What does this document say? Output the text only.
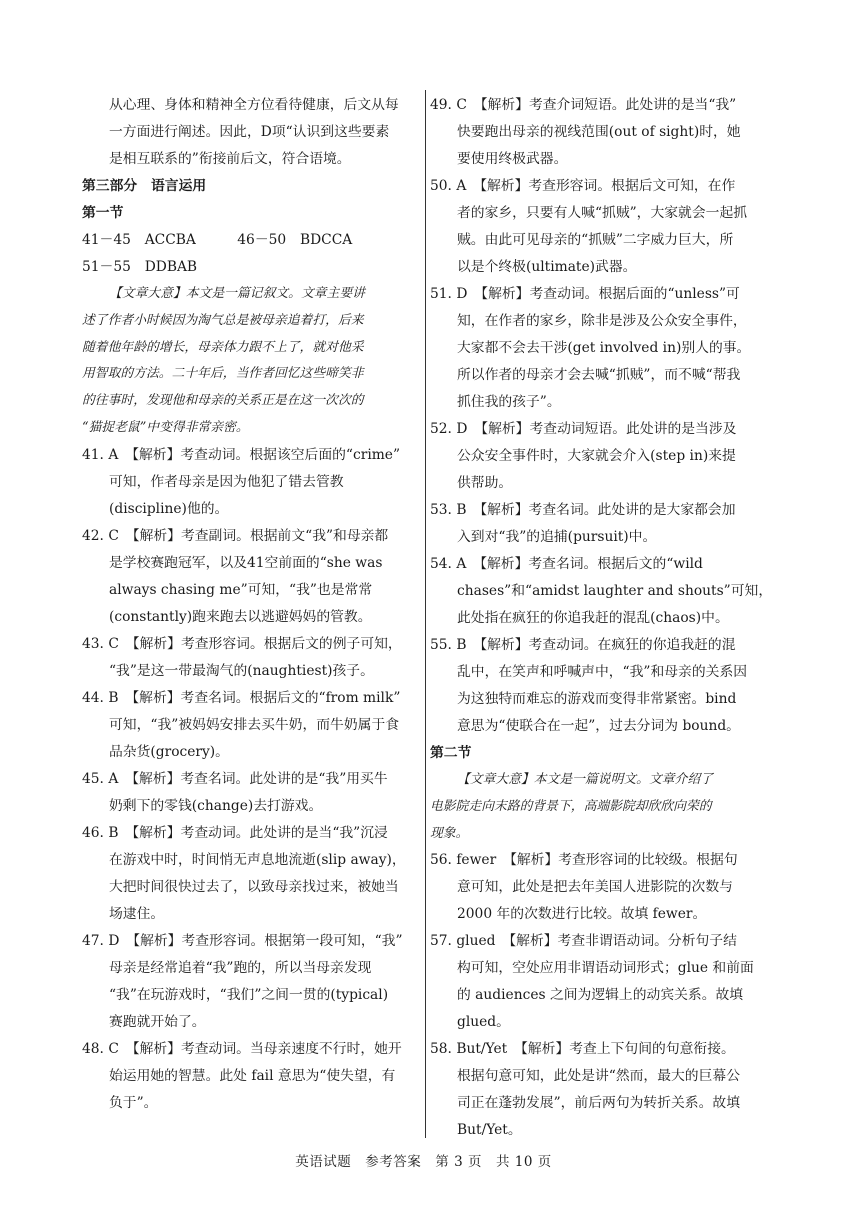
从心理、身体和精神全方位看待健康，后文从每
一方面进行阐述。因此，D项“认识到这些要素
是相互联系的”衔接前后文，符合语境。
第三部分　语言运用
第一节
41－45　ACCBA　　　46－50　BDCCA
51－55　DDBAB
【文章大意】本文是一篇记叙文。文章主要讲
述了作者小时候因为淘气总是被母亲追着打，后来
随着他年龄的增长，母亲体力跟不上了，就对他采
用智取的方法。二十年后，当作者回忆这些啼笑非
的往事时，发现他和母亲的关系正是在这一次次的
“猫捉老鼠”中变得非常亲密。
41. A　【解析】考查动词。根据该空后面的“crime”
可知，作者母亲是因为他犯了错去管教
(discipline)他的。
42. C　【解析】考查副词。根据前文“我”和母亲都
是学校赛跑冠军，以及41空前面的“she was
always chasing me”可知，“我”也是常常
(constantly)跑来跑去以逃避妈妈的管教。
43. C　【解析】考查形容词。根据后文的例子可知，
“我”是这一带最淘气的(naughtiest)孩子。
44. B　【解析】考查名词。根据后文的“from milk”
可知，“我”被妈妈安排去买牛奶，而牛奶属于食
品杂货(grocery)。
45. A　【解析】考查名词。此处讲的是“我”用买牛
奶剩下的零钱(change)去打游戏。
46. B　【解析】考查动词。此处讲的是当“我”沉浸
在游戏中时，时间悄无声息地流逝(slip away)，
大把时间很快过去了，以致母亲找过来，被她当
场逮住。
47. D　【解析】考查形容词。根据第一段可知，“我”
母亲是经常追着“我”跑的，所以当母亲发现
“我”在玩游戏时，“我们”之间一贯的(typical)
赛跑就开始了。
48. C　【解析】考查动词。当母亲速度不行时，她开
始运用她的智慧。此处 fail 意思为“使失望，有
负于”。
49. C　【解析】考查介词短语。此处讲的是当“我”
快要跑出母亲的视线范围(out of sight)时，她
要使用终极武器。
50. A　【解析】考查形容词。根据后文可知，在作
者的家乡，只要有人喊“抓贼”，大家就会一起抓
贼。由此可见母亲的“抓贼”二字威力巨大，所
以是个终极(ultimate)武器。
51. D　【解析】考查动词。根据后面的“unless”可
知，在作者的家乡，除非是涉及公众安全事件，
大家都不会去干涉(get involved in)别人的事。
所以作者的母亲才会去喊“抓贼”，而不喊“帮我
抓住我的孩子”。
52. D　【解析】考查动词短语。此处讲的是当涉及
公众安全事件时，大家就会介入(step in)来提
供帮助。
53. B　【解析】考查名词。此处讲的是大家都会加
入到对“我”的追捕(pursuit)中。
54. A　【解析】考查名词。根据后文的“wild
chases”和“amidst laughter and shouts”可知，
此处指在疯狂的你追我赶的混乱(chaos)中。
55. B　【解析】考查动词。在疯狂的你追我赶的混
乱中，在笑声和呼喊声中，“我”和母亲的关系因
为这独特而难忘的游戏而变得非常紧密。bind
意思为“使联合在一起”，过去分词为 bound。
第二节
【文章大意】本文是一篇说明文。文章介绍了
电影院走向末路的背景下，高端影院却欣欣向荣的
现象。
56. fewer　【解析】考查形容词的比较级。根据句
意可知，此处是把去年美国人进影院的次数与
2000 年的次数进行比较。故填 fewer。
57. glued　【解析】考查非谓语动词。分析句子结
构可知，空处应用非谓语动词形式；glue 和前面
的 audiences 之间为逻辑上的动宾关系。故填
glued。
58. But/Yet　【解析】考查上下句间的句意衔接。
根据句意可知，此处是讲“然而，最大的巨幕公
司正在蓬勃发展”，前后两句为转折关系。故填
But/Yet。
英语试题　参考答案　第 3 页　共 10 页
